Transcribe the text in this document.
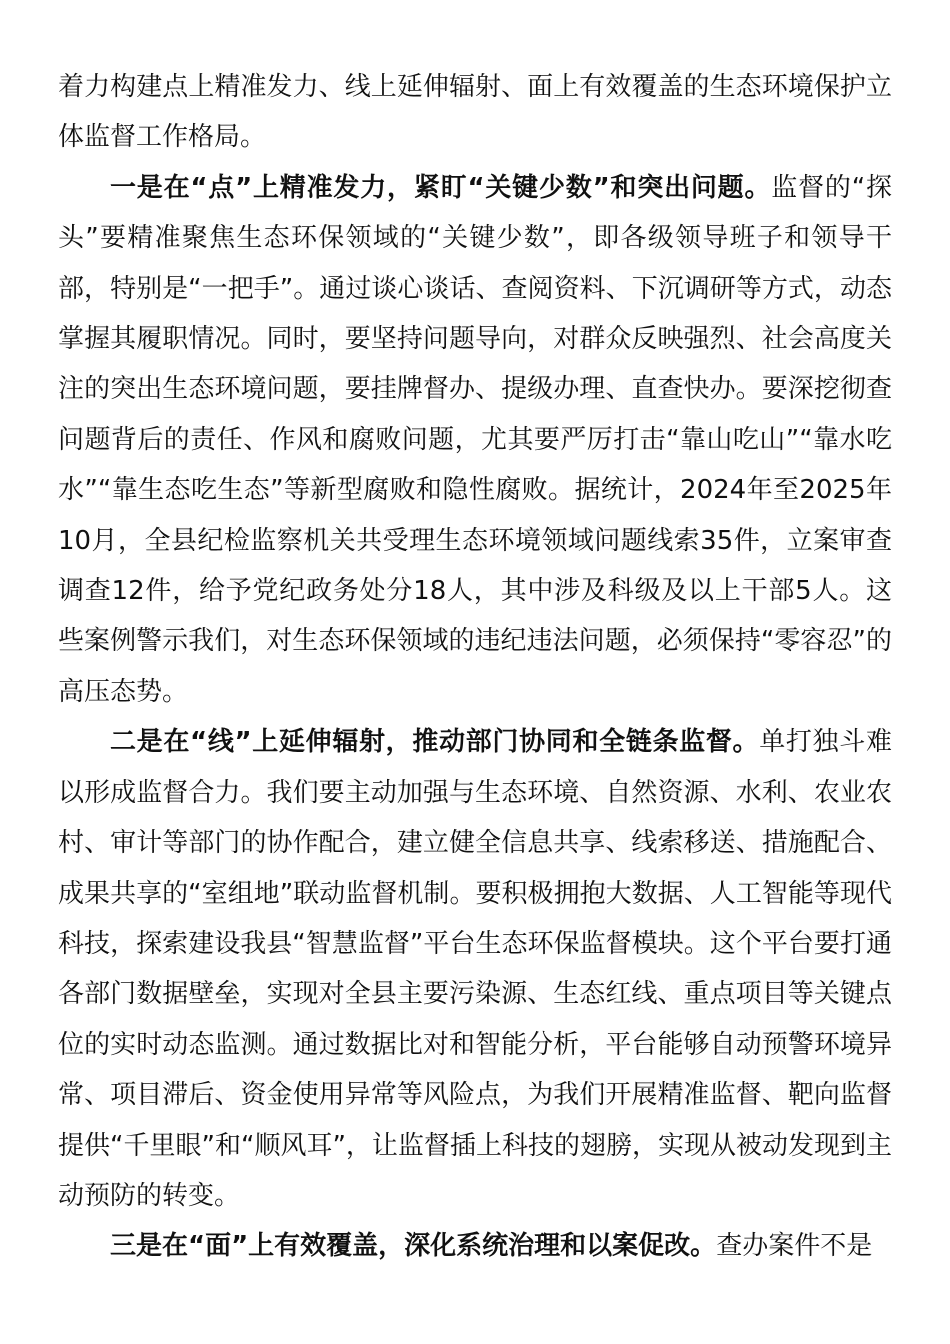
着力构建点上精准发力、线上延伸辐射、面上有效覆盖的生态环境保护立体监督工作格局。

一是在“点”上精准发力，紧盯“关键少数”和突出问题。监督的“探头”要精准聚焦生态环保领域的“关键少数”，即各级领导班子和领导干部，特别是“一把手”。通过谈心谈话、查阅资料、下沉调研等方式，动态掌握其履职情况。同时，要坚持问题导向，对群众反映强烈、社会高度关注的突出生态环境问题，要挂牌督办、提级办理、直查快办。要深挖彻查问题背后的责任、作风和腐败问题，尤其要严厉打击“靠山吃山”“靠水吃水”“靠生态吃生态”等新型腐败和隐性腐败。据统计，2024年至2025年10月，全县纪检监察机关共受理生态环境领域问题线索35件，立案审查调查12件，给予党纪政务处分18人，其中涉及科级及以上干部5人。这些案例警示我们，对生态环保领域的违纪违法问题，必须保持“零容忍”的高压态势。

二是在“线”上延伸辐射，推动部门协同和全链条监督。单打独斗难以形成监督合力。我们要主动加强与生态环境、自然资源、水利、农业农村、审计等部门的协作配合，建立健全信息共享、线索移送、措施配合、成果共享的“室组地”联动监督机制。要积极拥抱大数据、人工智能等现代科技，探索建设我县“智慧监督”平台生态环保监督模块。这个平台要打通各部门数据壁垒，实现对全县主要污染源、生态红线、重点项目等关键点位的实时动态监测。通过数据比对和智能分析，平台能够自动预警环境异常、项目滞后、资金使用异常等风险点，为我们开展精准监督、靶向监督提供“千里眼”和“顺风耳”，让监督插上科技的翅膀，实现从被动发现到主动预防的转变。

三是在“面”上有效覆盖，深化系统治理和以案促改。查办案件不是
